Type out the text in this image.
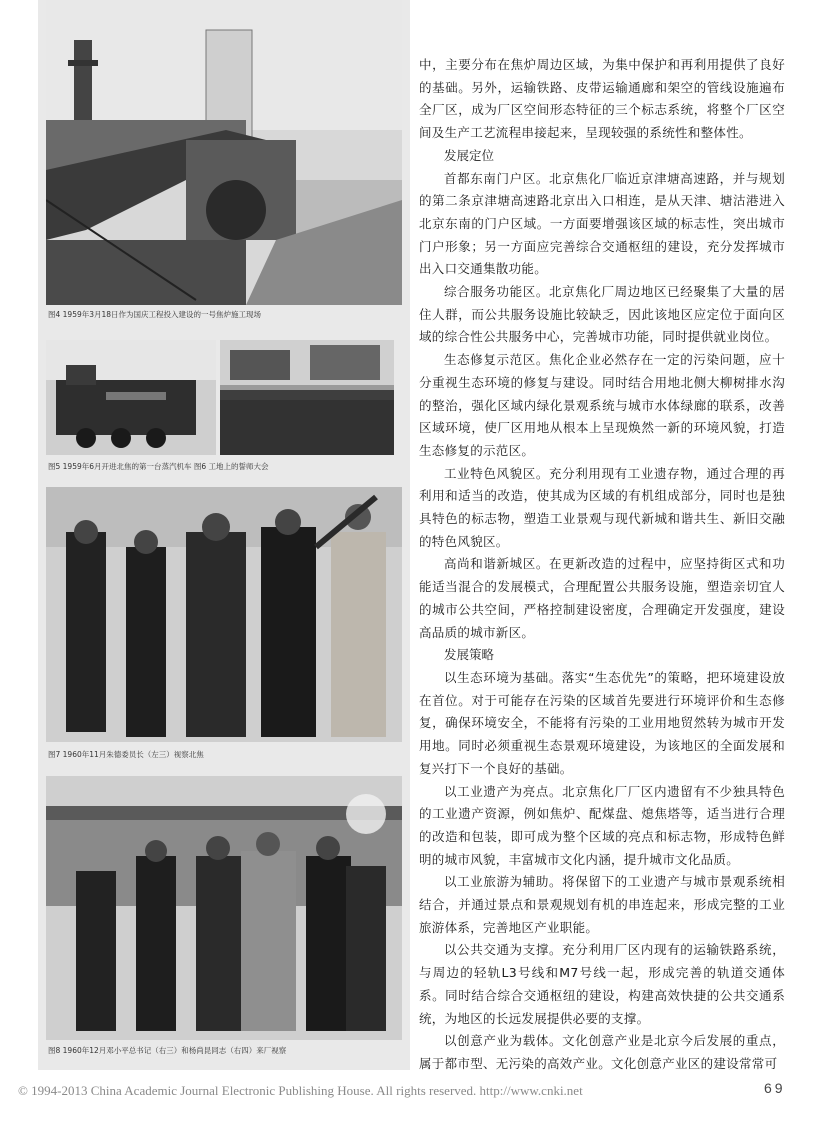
图4 1959年3月18日作为国庆工程投入建设的一号焦炉施工现场
图5 1959年6月开进北焦的第一台蒸汽机车 图6 工地上的誓师大会
图7 1960年11月朱德委员长（左三）视察北焦
图8 1960年12月邓小平总书记（右三）和杨尚昆同志（右四）来厂视察

中，主要分布在焦炉周边区域，为集中保护和再利用提供了良好的基础。另外，运输铁路、皮带运输通廊和架空的管线设施遍布全厂区，成为厂区空间形态特征的三个标志系统，将整个厂区空间及生产工艺流程串接起来，呈现较强的系统性和整体性。

发展定位

首都东南门户区。北京焦化厂临近京津塘高速路，并与规划的第二条京津塘高速路北京出入口相连，是从天津、塘沽港进入北京东南的门户区域。一方面要增强该区域的标志性，突出城市门户形象；另一方面应完善综合交通枢纽的建设，充分发挥城市出入口交通集散功能。

综合服务功能区。北京焦化厂周边地区已经聚集了大量的居住人群，而公共服务设施比较缺乏，因此该地区应定位于面向区域的综合性公共服务中心，完善城市功能，同时提供就业岗位。

生态修复示范区。焦化企业必然存在一定的污染问题，应十分重视生态环境的修复与建设。同时结合用地北侧大柳树排水沟的整治，强化区域内绿化景观系统与城市水体绿廊的联系，改善区域环境，使厂区用地从根本上呈现焕然一新的环境风貌，打造生态修复的示范区。

工业特色风貌区。充分利用现有工业遗存物，通过合理的再利用和适当的改造，使其成为区域的有机组成部分，同时也是独具特色的标志物，塑造工业景观与现代新城和谐共生、新旧交融的特色风貌区。

高尚和谐新城区。在更新改造的过程中，应坚持街区式和功能适当混合的发展模式，合理配置公共服务设施，塑造亲切宜人的城市公共空间，严格控制建设密度，合理确定开发强度，建设高品质的城市新区。

发展策略

以生态环境为基础。落实“生态优先”的策略，把环境建设放在首位。对于可能存在污染的区域首先要进行环境评价和生态修复，确保环境安全，不能将有污染的工业用地贸然转为城市开发用地。同时必须重视生态景观环境建设，为该地区的全面发展和复兴打下一个良好的基础。

以工业遗产为亮点。北京焦化厂厂区内遗留有不少独具特色的工业遗产资源，例如焦炉、配煤盘、熄焦塔等，适当进行合理的改造和包装，即可成为整个区域的亮点和标志物，形成特色鲜明的城市风貌，丰富城市文化内涵，提升城市文化品质。

以工业旅游为辅助。将保留下的工业遗产与城市景观系统相结合，并通过景点和景观规划有机的串连起来，形成完整的工业旅游体系，完善地区产业职能。

以公共交通为支撑。充分利用厂区内现有的运输铁路系统，与周边的轻轨L3号线和M7号线一起，形成完善的轨道交通体系。同时结合综合交通枢纽的建设，构建高效快捷的公共交通系统，为地区的长远发展提供必要的支撑。

以创意产业为载体。文化创意产业是北京今后发展的重点，属于都市型、无污染的高效产业。文化创意产业区的建设常常可

© 1994-2013 China Academic Journal Electronic Publishing House. All rights reserved. http://www.cnki.net	69
